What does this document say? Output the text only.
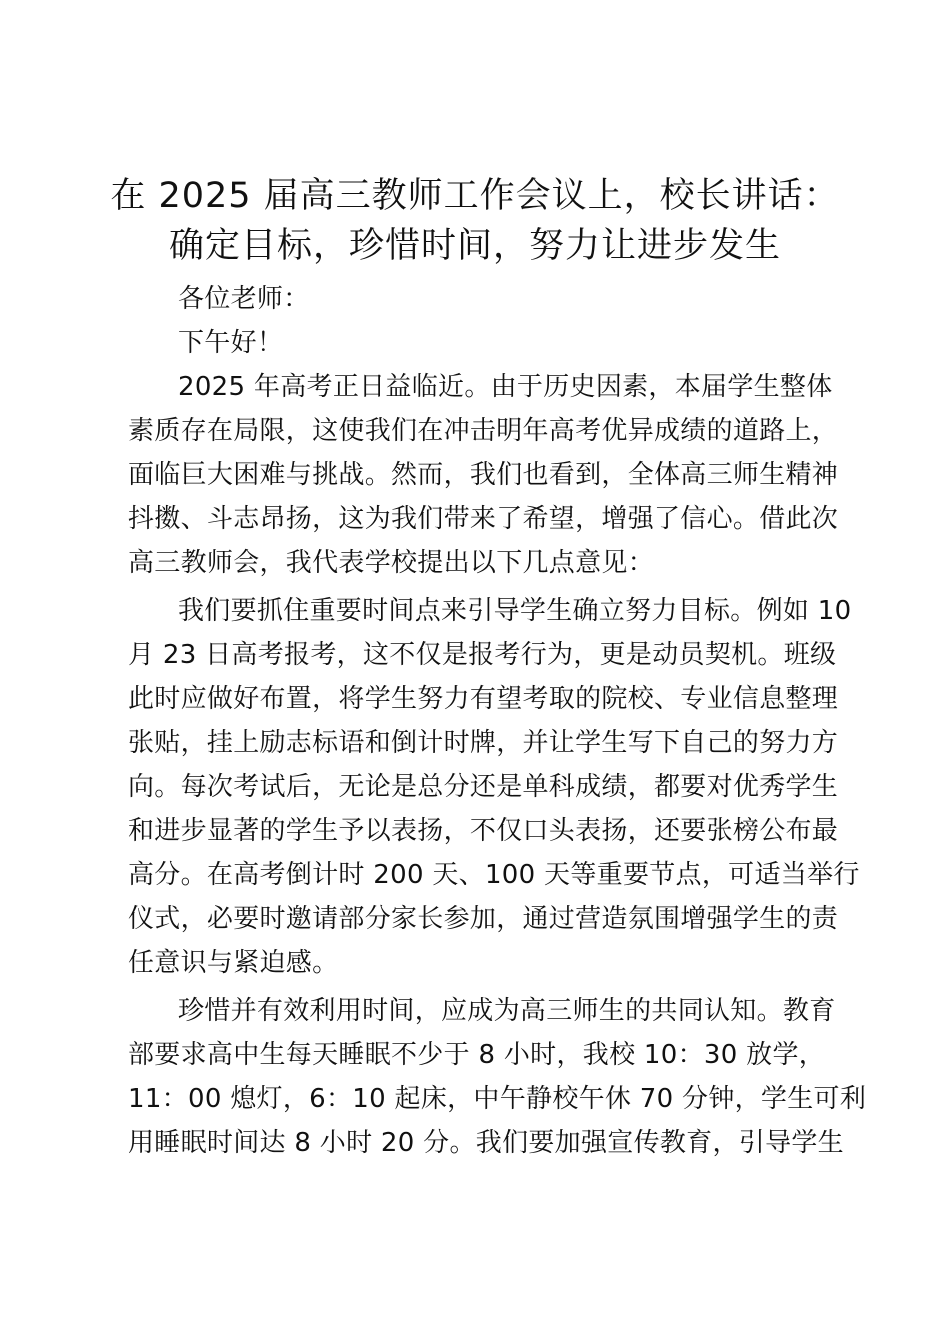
在 2025 届高三教师工作会议上，校长讲话：
确定目标，珍惜时间，努力让进步发生

各位老师：

下午好！

2025 年高考正日益临近。由于历史因素，本届学生整体

素质存在局限，这使我们在冲击明年高考优异成绩的道路上，

面临巨大困难与挑战。然而，我们也看到，全体高三师生精神

抖擞、斗志昂扬，这为我们带来了希望，增强了信心。借此次

高三教师会，我代表学校提出以下几点意见：

我们要抓住重要时间点来引导学生确立努力目标。例如 10

月 23 日高考报考，这不仅是报考行为，更是动员契机。班级

此时应做好布置，将学生努力有望考取的院校、专业信息整理

张贴，挂上励志标语和倒计时牌，并让学生写下自己的努力方

向。每次考试后，无论是总分还是单科成绩，都要对优秀学生

和进步显著的学生予以表扬，不仅口头表扬，还要张榜公布最

高分。在高考倒计时 200 天、100 天等重要节点，可适当举行

仪式，必要时邀请部分家长参加，通过营造氛围增强学生的责

任意识与紧迫感。

珍惜并有效利用时间，应成为高三师生的共同认知。教育

部要求高中生每天睡眠不少于 8 小时，我校 10：30 放学，

11：00 熄灯，6：10 起床，中午静校午休 70 分钟，学生可利

用睡眠时间达 8 小时 20 分。我们要加强宣传教育，引导学生
